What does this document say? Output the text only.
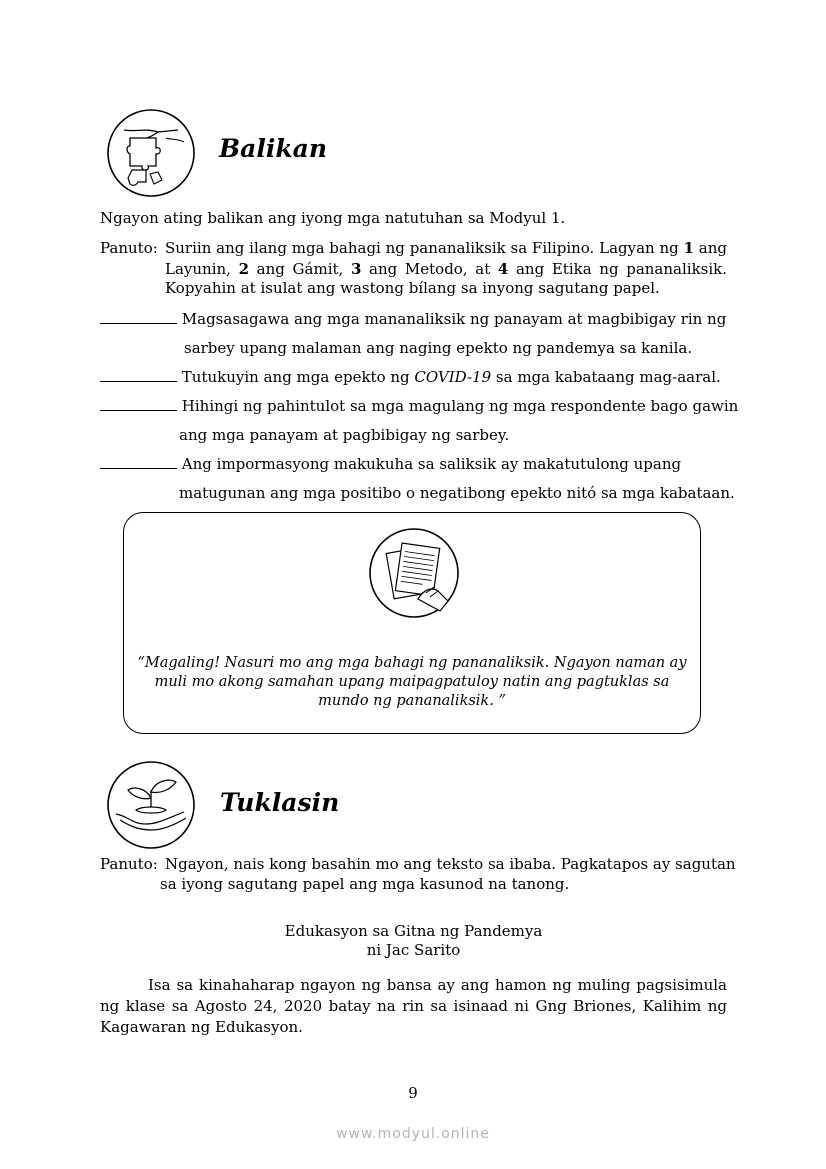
Balikan
Ngayon ating balikan ang iyong mga natutuhan sa Modyul 1.
Panuto: Suriin ang ilang mga bahagi ng pananaliksik sa Filipino. Lagyan ng 1 ang
Layunin, 2 ang Gámit, 3 ang Metodo, at 4 ang Etika ng pananaliksik.
Kopyahin at isulat ang wastong bílang sa inyong sagutang papel.
Magsasagawa ang mga mananaliksik ng panayam at magbibigay rin ng
sarbey upang malaman ang naging epekto ng pandemya sa kanila.
Tutukuyin ang mga epekto ng COVID-19 sa mga kabataang mag-aaral.
Hihingi ng pahintulot sa mga magulang ng mga respondente bago gawin
ang mga panayam at pagbibigay ng sarbey.
Ang impormasyong makukuha sa saliksik ay makatutulong upang
matugunan ang mga positibo o negatibong epekto nitó sa mga kabataan.
“Magaling! Nasuri mo ang mga bahagi ng pananaliksik. Ngayon naman ay
muli mo akong samahan upang maipagpatuloy natin ang pagtuklas sa
mundo ng pananaliksik. ”
Tuklasin
Panuto: Ngayon, nais kong basahin mo ang teksto sa ibaba. Pagkatapos ay sagutan
sa iyong sagutang papel ang mga kasunod na tanong.
Edukasyon sa Gitna ng Pandemya
ni Jac Sarito
Isa sa kinahaharap ngayon ng bansa ay ang hamon ng muling pagsisimula
ng klase sa Agosto 24, 2020 batay na rin sa isinaad ni Gng Briones, Kalihim ng
Kagawaran ng Edukasyon.
9
www.modyul.online
